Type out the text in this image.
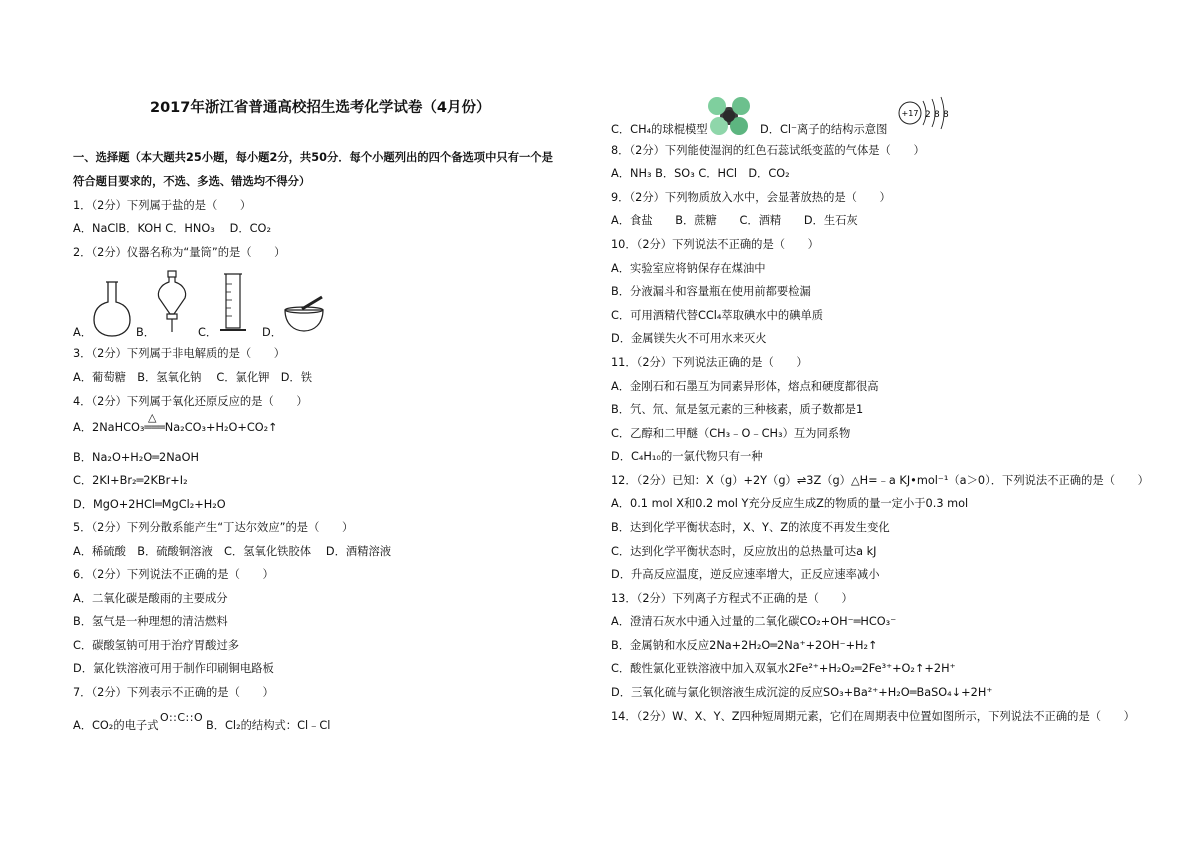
2017年浙江省普通高校招生选考化学试卷（4月份）
一、选择题（本大题共25小题，每小题2分，共50分．每个小题列出的四个备选项中只有一个是
符合题目要求的，不选、多选、错选均不得分）
1．（2分）下列属于盐的是（　　）
A．NaClB．KOH C．HNO₃　 D．CO₂
2．（2分）仪器名称为“量筒”的是（　　）
A．	B．	C．	D．
3．（2分）下列属于非电解质的是（　　）
A．葡萄糖　B．氢氧化钠　 C．氯化钾　D．铁
4．（2分）下列属于氧化还原反应的是（　　）
△
A．2NaHCO₃═══Na₂CO₃+H₂O+CO₂↑
B．Na₂O+H₂O═2NaOH
C．2KI+Br₂═2KBr+I₂
D．MgO+2HCl═MgCl₂+H₂O
5．（2分）下列分散系能产生“丁达尔效应”的是（　　）
A．稀硫酸　B．硫酸铜溶液　C．氢氧化铁胶体　 D．酒精溶液
6．（2分）下列说法不正确的是（　　）
A．二氧化碳是酸雨的主要成分
B．氢气是一种理想的清洁燃料
C．碳酸氢钠可用于治疗胃酸过多
D．氯化铁溶液可用于制作印刷铜电路板
7．（2分）下列表示不正确的是（　　）
A．CO₂的电子式
O::C::O
B．Cl₂的结构式：Cl﹣Cl
C．CH₄的球棍模型	D．Cl⁻离子的结构示意图
+17 2 8 8
8．（2分）下列能使湿润的红色石蕊试纸变蓝的气体是（　　）
A．NH₃ B．SO₃ C．HCl　D．CO₂
9．（2分）下列物质放入水中，会显著放热的是（　　）
A．食盐　　B．蔗糖　　C．酒精　　D．生石灰
10．（2分）下列说法不正确的是（　　）
A．实验室应将钠保存在煤油中
B．分液漏斗和容量瓶在使用前都要检漏
C．可用酒精代替CCl₄萃取碘水中的碘单质
D．金属镁失火不可用水来灭火
11．（2分）下列说法正确的是（　　）
A．金刚石和石墨互为同素异形体，熔点和硬度都很高
B．氕、氘、氚是氢元素的三种核素，质子数都是1
C．乙醇和二甲醚（CH₃﹣O﹣CH₃）互为同系物
D．C₄H₁₀的一氯代物只有一种
12．（2分）已知：X（g）+2Y（g）⇌3Z（g）△H=﹣a KJ•mol⁻¹（a＞0）．下列说法不正确的是（　　）
A．0.1 mol X和0.2 mol Y充分反应生成Z的物质的量一定小于0.3 mol
B．达到化学平衡状态时，X、Y、Z的浓度不再发生变化
C．达到化学平衡状态时，反应放出的总热量可达a kJ
D．升高反应温度，逆反应速率增大，正反应速率减小
13．（2分）下列离子方程式不正确的是（　　）
A．澄清石灰水中通入过量的二氧化碳CO₂+OH⁻═HCO₃⁻
B．金属钠和水反应2Na+2H₂O═2Na⁺+2OH⁻+H₂↑
C．酸性氯化亚铁溶液中加入双氧水2Fe²⁺+H₂O₂═2Fe³⁺+O₂↑+2H⁺
D．三氧化硫与氯化钡溶液生成沉淀的反应SO₃+Ba²⁺+H₂O═BaSO₄↓+2H⁺
14．（2分）W、X、Y、Z四种短周期元素，它们在周期表中位置如图所示，下列说法不正确的是（　　）
